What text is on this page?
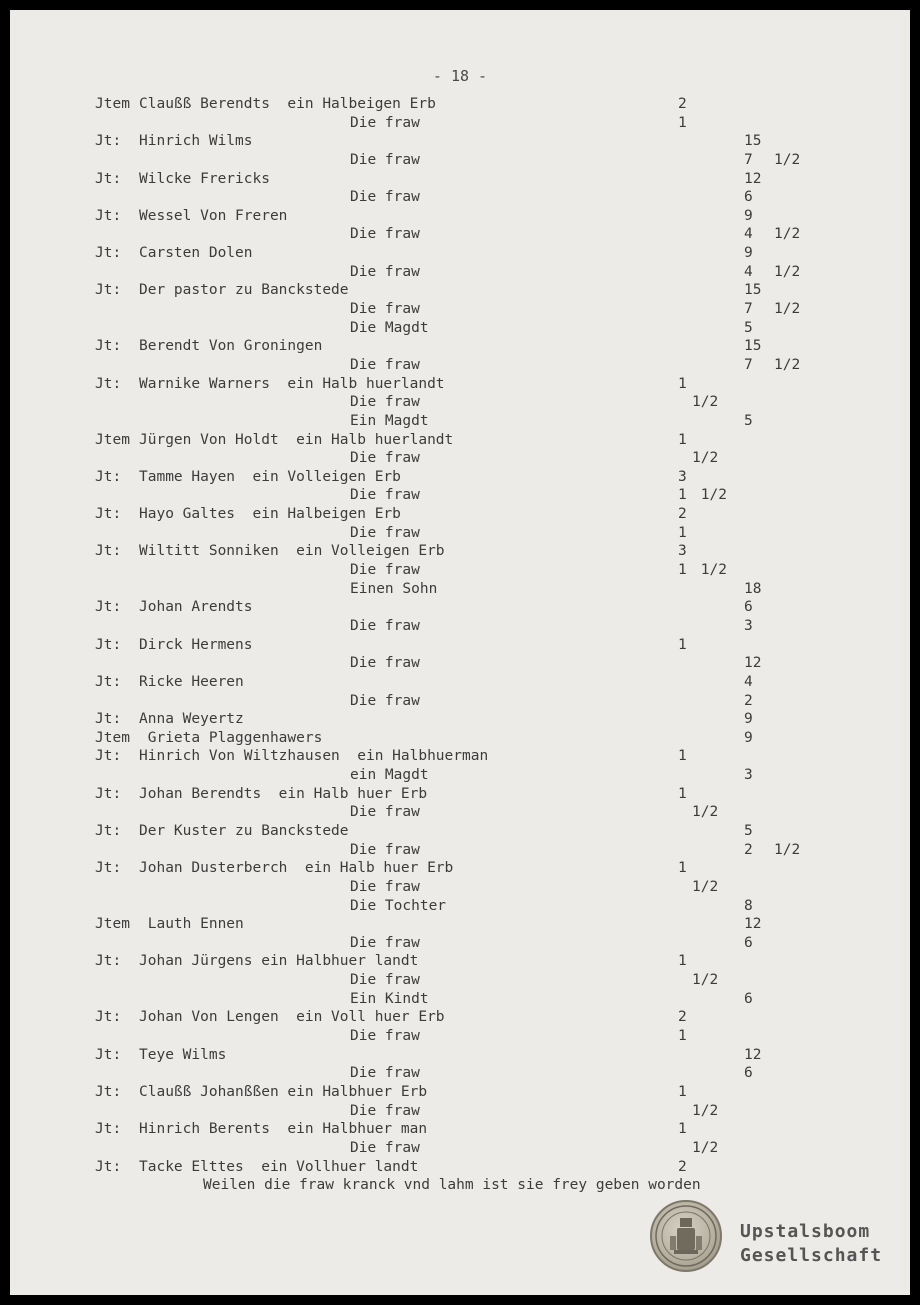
- 18 -
Jtem Claußß Berendts  ein Halbeigen Erb	2
Die fraw	1
Jt: Hinrich Wilms	15
Die fraw	7 1/2
Jt: Wilcke Frericks	12
Die fraw	6
Jt: Wessel Von Freren	9
Die fraw	4 1/2
Jt: Carsten Dolen	9
Die fraw	4 1/2
Jt: Der pastor zu Banckstede	15
Die fraw	7 1/2
Die Magdt	5
Jt: Berendt Von Groningen	15
Die fraw	7 1/2
Jt: Warnike Warners  ein Halb huerlandt	1
Die fraw	1/2
Ein Magdt	5
Jtem Jürgen Von Holdt  ein Halb huerlandt	1
Die fraw	1/2
Jt: Tamme Hayen  ein Volleigen Erb	3
Die fraw	1 1/2
Jt: Hayo Galtes  ein Halbeigen Erb	2
Die fraw	1
Jt: Wiltitt Sonniken  ein Volleigen Erb	3
Die fraw	1 1/2
Einen Sohn	18
Jt: Johan Arendts	6
Die fraw	3
Jt: Dirck Hermens	1
Die fraw	12
Jt: Ricke Heeren	4
Die fraw	2
Jt: Anna Weyertz	9
Jtem Grieta Plaggenhawers	9
Jt: Hinrich Von Wiltzhausen  ein Halbhuerman	1
ein Magdt	3
Jt: Johan Berendts  ein Halb huer Erb	1
Die fraw	1/2
Jt: Der Kuster zu Banckstede	5
Die fraw	2 1/2
Jt: Johan Dusterberch  ein Halb huer Erb	1
Die fraw	1/2
Die Tochter	8
Jtem Lauth Ennen	12
Die fraw	6
Jt: Johan Jürgens ein Halbhuer landt	1
Die fraw	1/2
Ein Kindt	6
Jt: Johan Von Lengen  ein Voll huer Erb	2
Die fraw	1
Jt: Teye Wilms	12
Die fraw	6
Jt: Claußß Johanßßen ein Halbhuer Erb	1
Die fraw	1/2
Jt: Hinrich Berents  ein Halbhuer man	1
Die fraw	1/2
Jt: Tacke Elttes  ein Vollhuer landt	2
Weilen die fraw kranck vnd lahm ist sie frey geben worden
Upstalsboom
Gesellschaft
